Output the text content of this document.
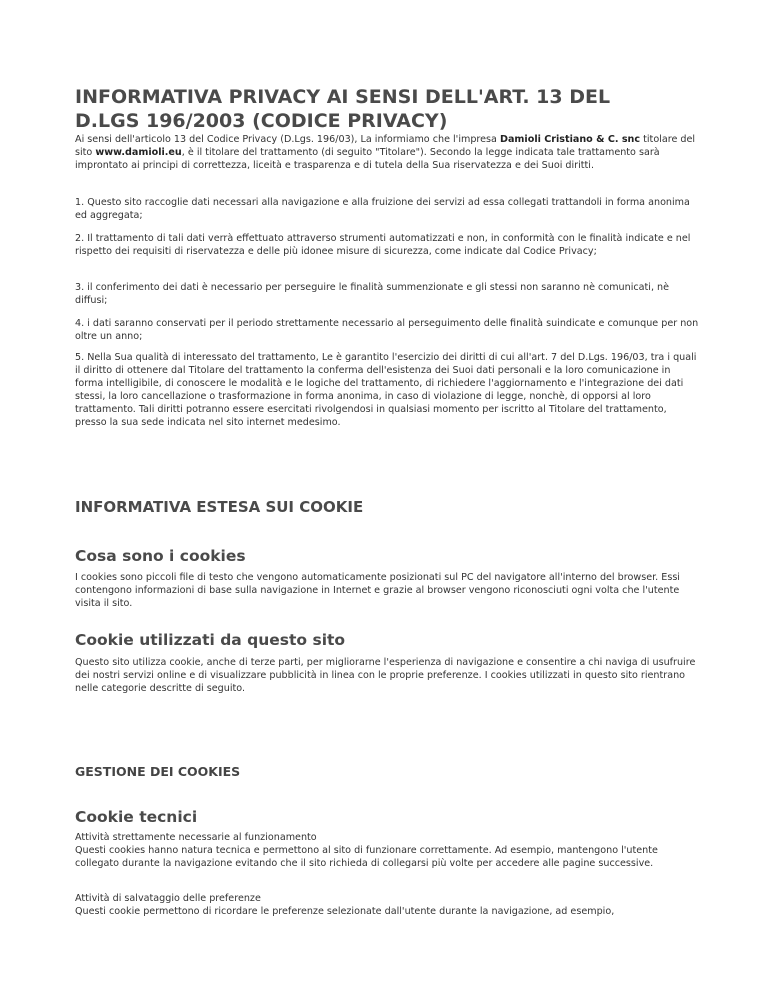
INFORMATIVA PRIVACY AI SENSI DELL'ART. 13 DEL D.LGS 196/2003 (CODICE PRIVACY)

Ai sensi dell'articolo 13 del Codice Privacy (D.Lgs. 196/03), La informiamo che l'impresa Damioli Cristiano & C. snc titolare del sito www.damioli.eu, è il titolare del trattamento (di seguito "Titolare"). Secondo la legge indicata tale trattamento sarà improntato ai principi di correttezza, liceità e trasparenza e di tutela della Sua riservatezza e dei Suoi diritti.

1. Questo sito raccoglie dati necessari alla navigazione e alla fruizione dei servizi ad essa collegati trattandoli in forma anonima ed aggregata;

2. Il trattamento di tali dati verrà effettuato attraverso strumenti automatizzati e non, in conformità con le finalità indicate e nel rispetto dei requisiti di riservatezza e delle più idonee misure di sicurezza, come indicate dal Codice Privacy;

3. il conferimento dei dati è necessario per perseguire le finalità summenzionate e gli stessi non saranno nè comunicati, nè diffusi;

4. i dati saranno conservati per il periodo strettamente necessario al perseguimento delle finalità suindicate e comunque per non oltre un anno;

5. Nella Sua qualità di interessato del trattamento, Le è garantito l'esercizio dei diritti di cui all'art. 7 del D.Lgs. 196/03, tra i quali il diritto di ottenere dal Titolare del trattamento la conferma dell'esistenza dei Suoi dati personali e la loro comunicazione in forma intelligibile, di conoscere le modalità e le logiche del trattamento, di richiedere l'aggiornamento e l'integrazione dei dati stessi, la loro cancellazione o trasformazione in forma anonima, in caso di violazione di legge, nonchè, di opporsi al loro trattamento. Tali diritti potranno essere esercitati rivolgendosi in qualsiasi momento per iscritto al Titolare del trattamento, presso la sua sede indicata nel sito internet medesimo.

INFORMATIVA ESTESA SUI COOKIE
Cosa sono i cookies

I cookies sono piccoli file di testo che vengono automaticamente posizionati sul PC del navigatore all'interno del browser. Essi contengono informazioni di base sulla navigazione in Internet e grazie al browser vengono riconosciuti ogni volta che l'utente visita il sito.

Cookie utilizzati da questo sito

Questo sito utilizza cookie, anche di terze parti, per migliorarne l'esperienza di navigazione e consentire a chi naviga di usufruire dei nostri servizi online e di visualizzare pubblicità in linea con le proprie preferenze. I cookies utilizzati in questo sito rientrano nelle categorie descritte di seguito.

GESTIONE DEI COOKIES
Cookie tecnici

Attività strettamente necessarie al funzionamento

Questi cookies hanno natura tecnica e permettono al sito di funzionare correttamente. Ad esempio, mantengono l'utente collegato durante la navigazione evitando che il sito richieda di collegarsi più volte per accedere alle pagine successive.

Attività di salvataggio delle preferenze

Questi cookie permettono di ricordare le preferenze selezionate dall'utente durante la navigazione, ad esempio,
